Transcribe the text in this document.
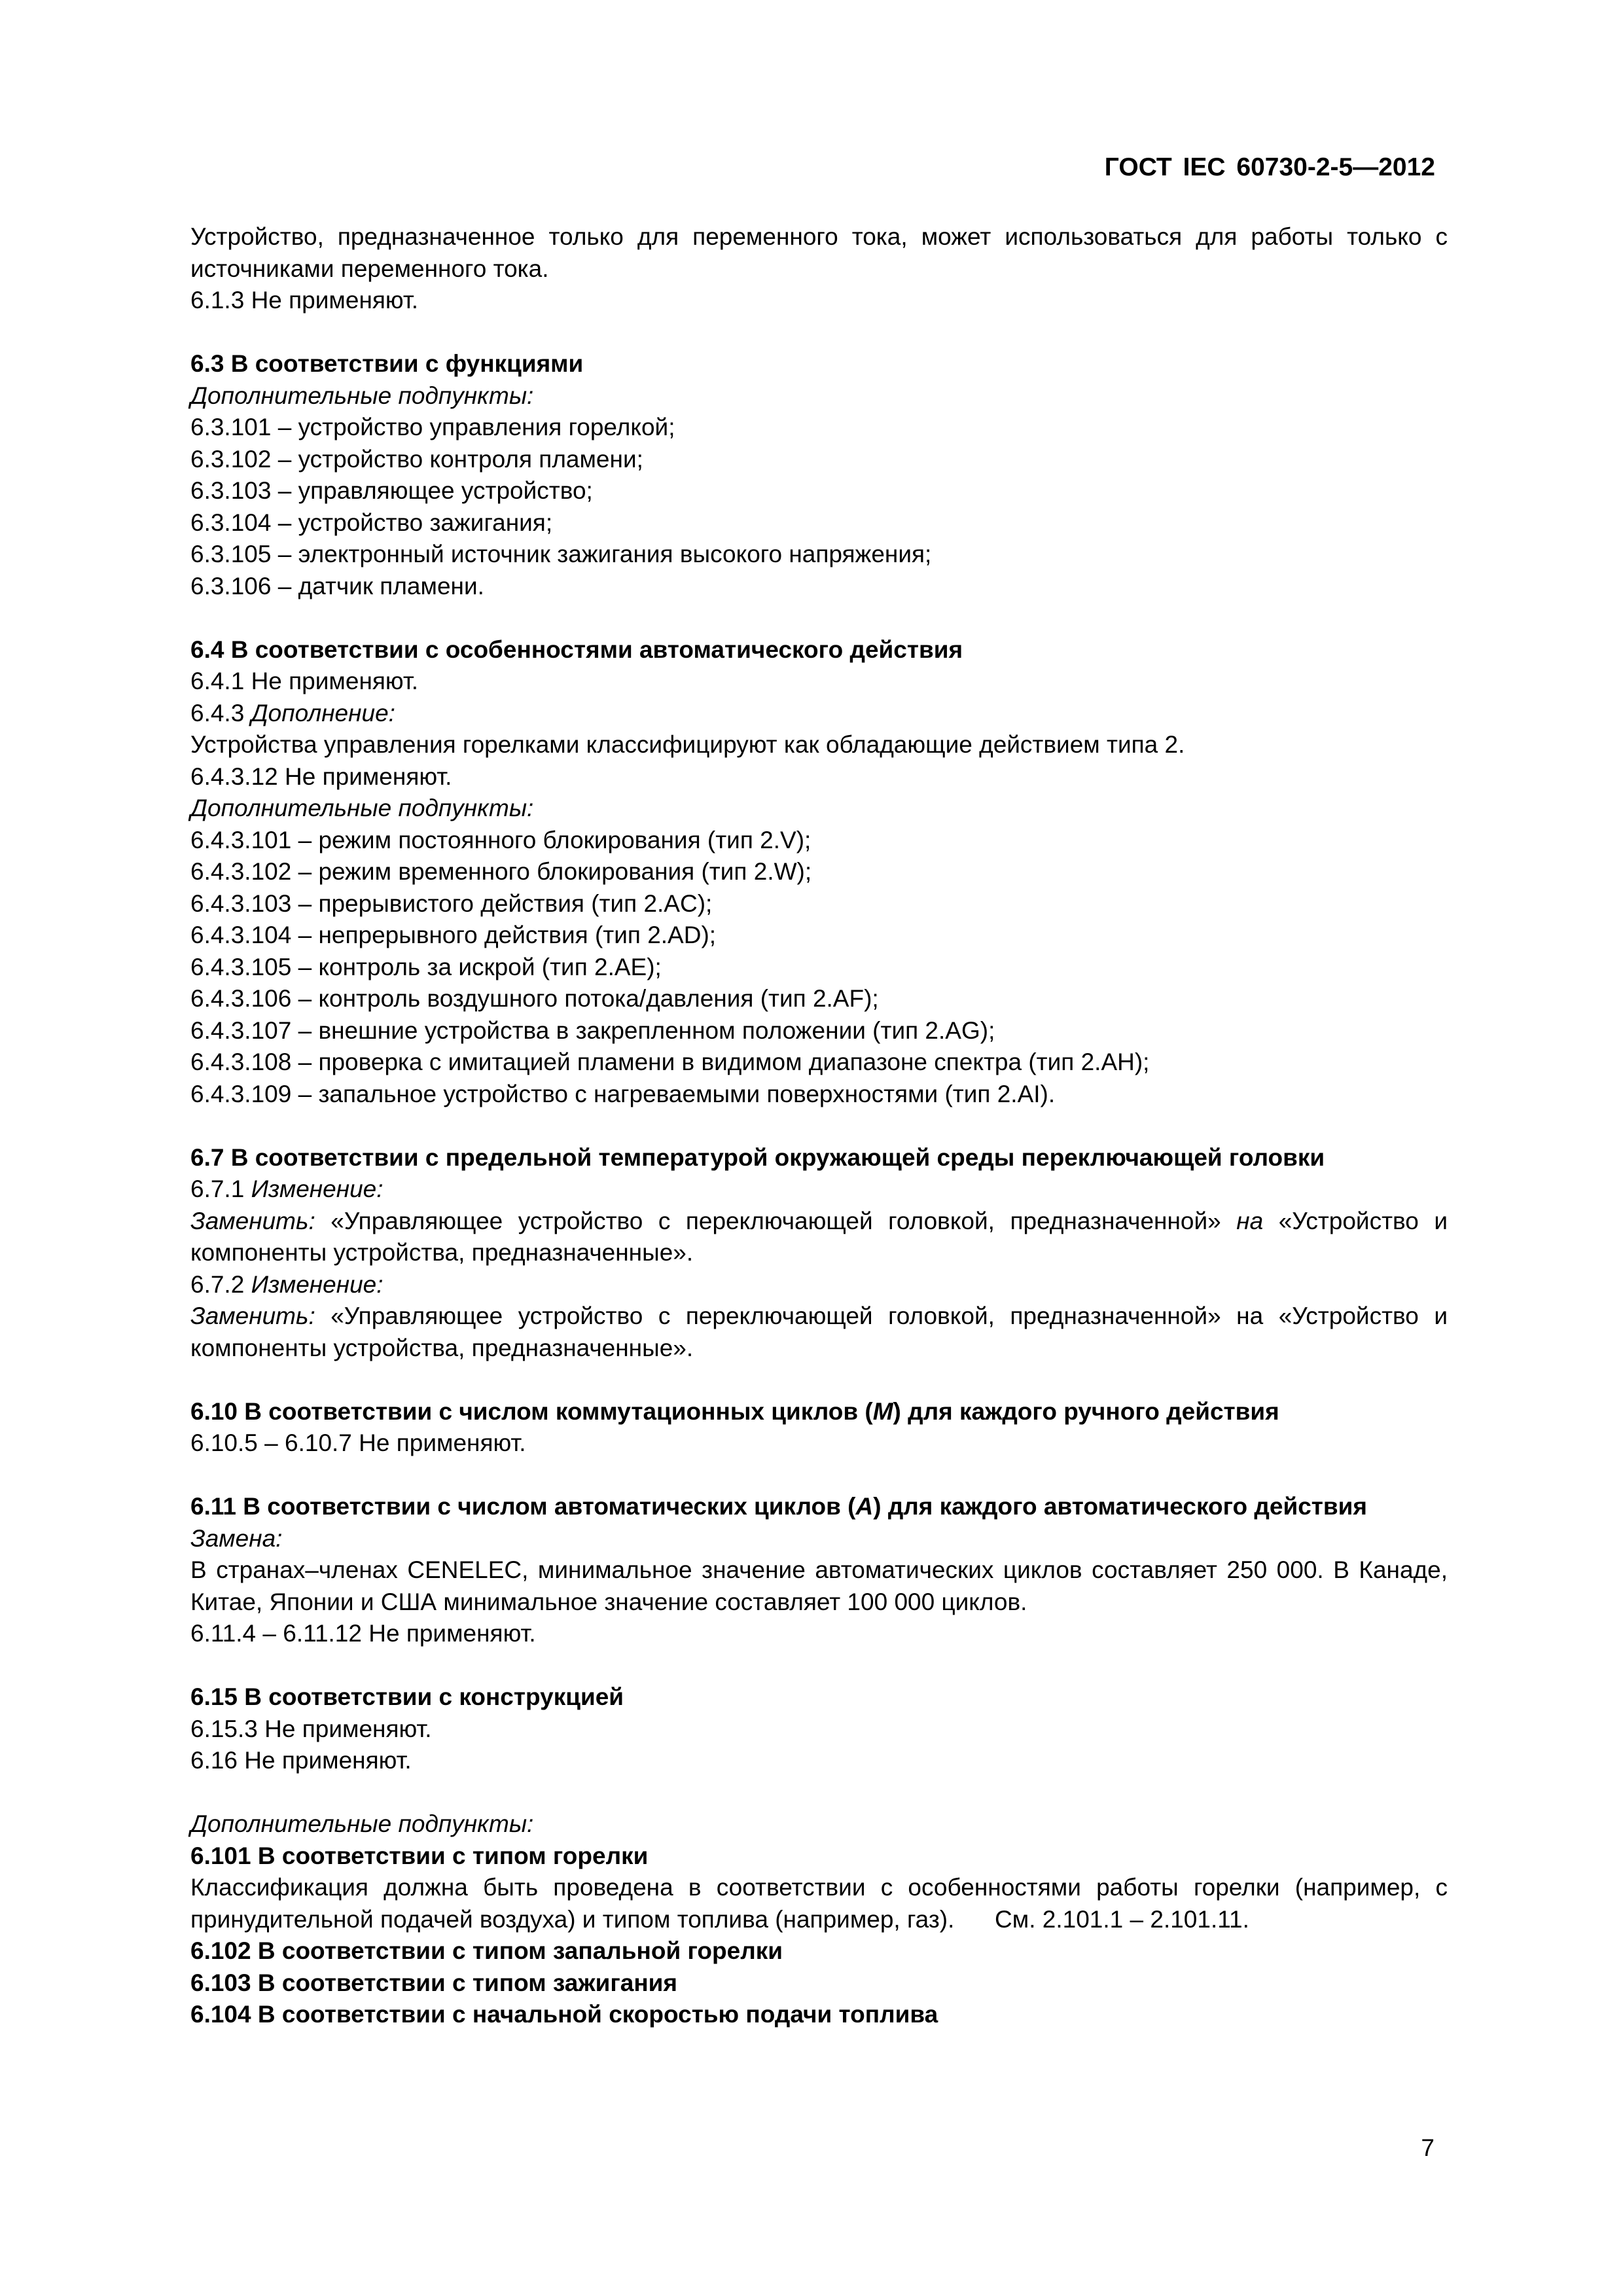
ГОСТ IEC 60730-2-5—2012

Устройство, предназначенное только для переменного тока, может использоваться для работы только с источниками переменного тока.

6.1.3 Не применяют.

6.3 В соответствии с функциями

Дополнительные подпункты:

6.3.101 – устройство управления горелкой;

6.3.102 – устройство контроля пламени;

6.3.103 – управляющее устройство;

6.3.104 – устройство зажигания;

6.3.105 – электронный источник зажигания высокого напряжения;

6.3.106 – датчик пламени.

6.4 В соответствии с особенностями автоматического действия

6.4.1 Не применяют.

6.4.3 Дополнение:

Устройства управления горелками классифицируют как обладающие действием типа 2.

6.4.3.12 Не применяют.

Дополнительные подпункты:

6.4.3.101 – режим постоянного блокирования (тип 2.V);

6.4.3.102 – режим временного блокирования (тип 2.W);

6.4.3.103 – прерывистого действия (тип 2.AC);

6.4.3.104 – непрерывного действия (тип 2.AD);

6.4.3.105 – контроль за искрой (тип 2.AE);

6.4.3.106 – контроль воздушного потока/давления (тип 2.AF);

6.4.3.107 – внешние устройства в закрепленном положении (тип 2.AG);

6.4.3.108 – проверка с имитацией пламени в видимом диапазоне спектра (тип 2.AH);

6.4.3.109 – запальное устройство с нагреваемыми поверхностями (тип 2.AI).

6.7 В соответствии с предельной температурой окружающей среды переключающей головки

6.7.1 Изменение:

Заменить: «Управляющее устройство с переключающей головкой, предназначенной» на «Устройство и компоненты устройства, предназначенные».

6.7.2 Изменение:

Заменить: «Управляющее устройство с переключающей головкой, предназначенной» на «Устройство и компоненты устройства, предназначенные».

6.10 В соответствии с числом коммутационных циклов (M) для каждого ручного действия

6.10.5 – 6.10.7 Не применяют.

6.11 В соответствии с числом автоматических циклов (A) для каждого автоматического действия

Замена:

В странах–членах CENELEC, минимальное значение автоматических циклов составляет 250 000. В Канаде, Китае, Японии и США минимальное значение составляет 100 000 циклов.

6.11.4 – 6.11.12 Не применяют.

6.15 В соответствии с конструкцией

6.15.3 Не применяют.

6.16 Не применяют.

Дополнительные подпункты:

6.101 В соответствии с типом горелки

Классификация должна быть проведена в соответствии с особенностями работы горелки (например, с принудительной подачей воздуха) и типом топлива (например, газ).      См. 2.101.1 – 2.101.11.

6.102 В соответствии с типом запальной горелки

6.103 В соответствии с типом зажигания

6.104 В соответствии с начальной скоростью подачи топлива

7
